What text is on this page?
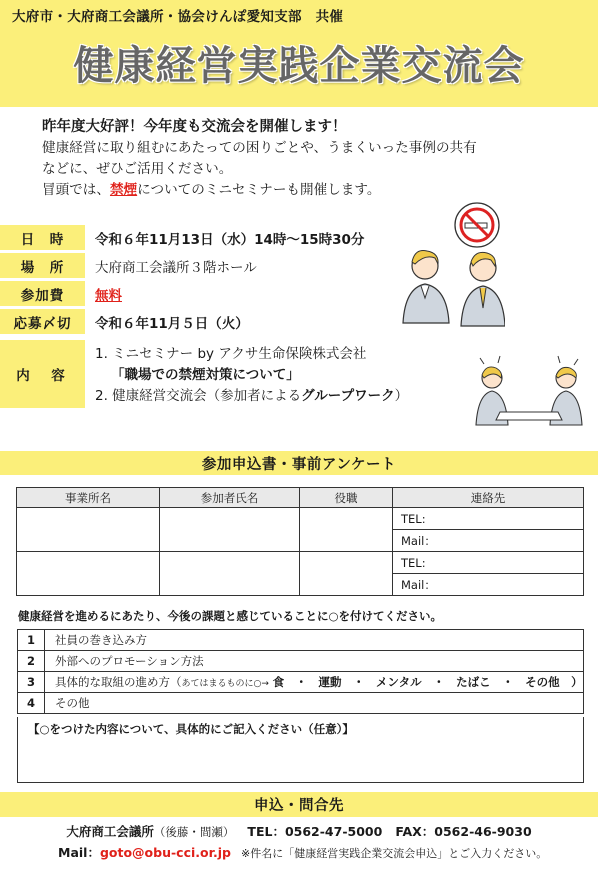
大府市・大府商工会議所・協会けんぽ愛知支部　共催
健康経営実践企業交流会
昨年度大好評！今年度も交流会を開催します！
健康経営に取り組むにあたっての困りごとや、うまくいった事例の共有
などに、ぜひご活用ください。
冒頭では、禁煙についてのミニセミナーも開催します。
日　時	令和６年11月13日（水）14時～15時30分
場　所	大府商工会議所３階ホール
参加費	無料
応募〆切	令和６年11月５日（火）
内　容
1. ミニセミナー by アクサ生命保険株式会社
「職場での禁煙対策について」
2. 健康経営交流会（参加者によるグループワーク）
参加申込書・事前アンケート
事業所名	参加者氏名	役職	連絡先
			TEL:
			Mail：
			TEL:
			Mail：
健康経営を進めるにあたり、今後の課題と感じていることに○を付けてください。
1	社員の巻き込み方
2	外部へのプロモーション方法
3	具体的な取組の進め方（あてはまるものに○→ 食　・　運動　・　メンタル　・　たばこ　・　その他　）
4	その他
【○をつけた内容について、具体的にご記入ください（任意）】
申込・問合先
大府商工会議所（後藤・間瀬） TEL：0562-47-5000 FAX：0562-46-9030
Mail：goto@obu-cci.or.jp ※件名に「健康経営実践企業交流会申込」とご入力ください。
